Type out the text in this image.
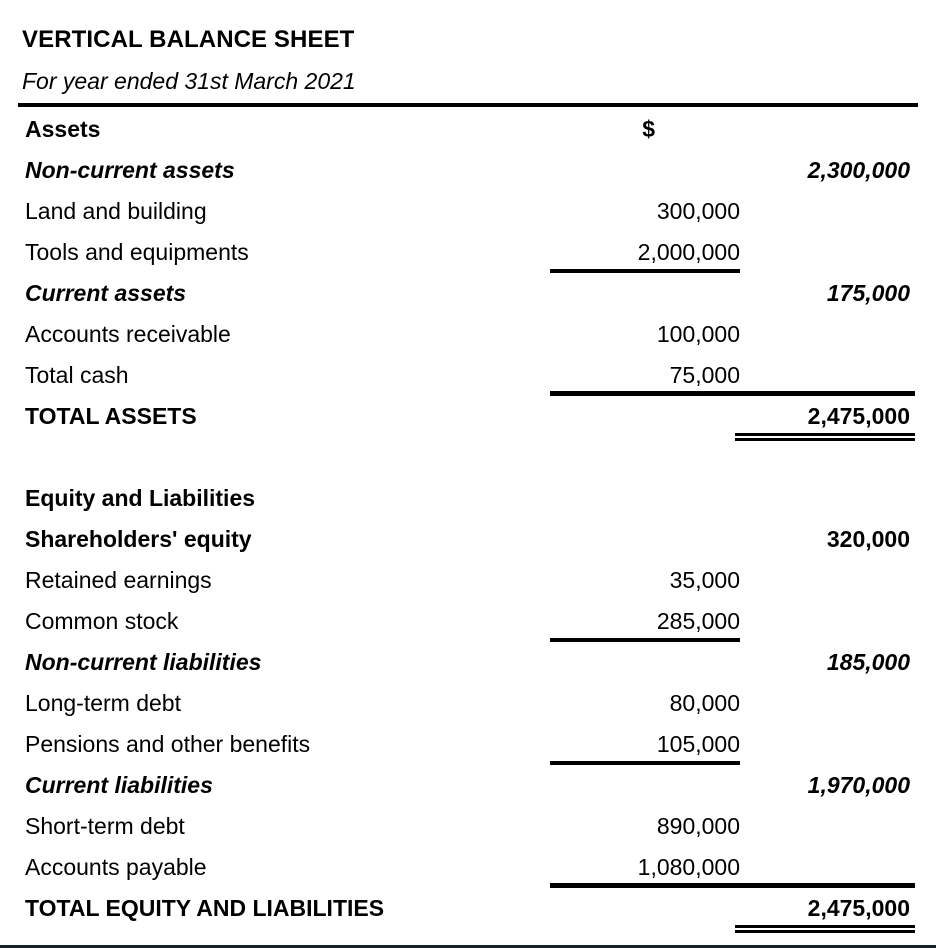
VERTICAL BALANCE SHEET
For year ended 31st March 2021
Assets	$
Non-current assets	2,300,000
Land and building	300,000
Tools and equipments	2,000,000
Current assets	175,000
Accounts receivable	100,000
Total cash	75,000
TOTAL ASSETS	2,475,000
Equity and Liabilities
Shareholders' equity	320,000
Retained earnings	35,000
Common stock	285,000
Non-current liabilities	185,000
Long-term debt	80,000
Pensions and other benefits	105,000
Current liabilities	1,970,000
Short-term debt	890,000
Accounts payable	1,080,000
TOTAL EQUITY AND LIABILITIES	2,475,000
